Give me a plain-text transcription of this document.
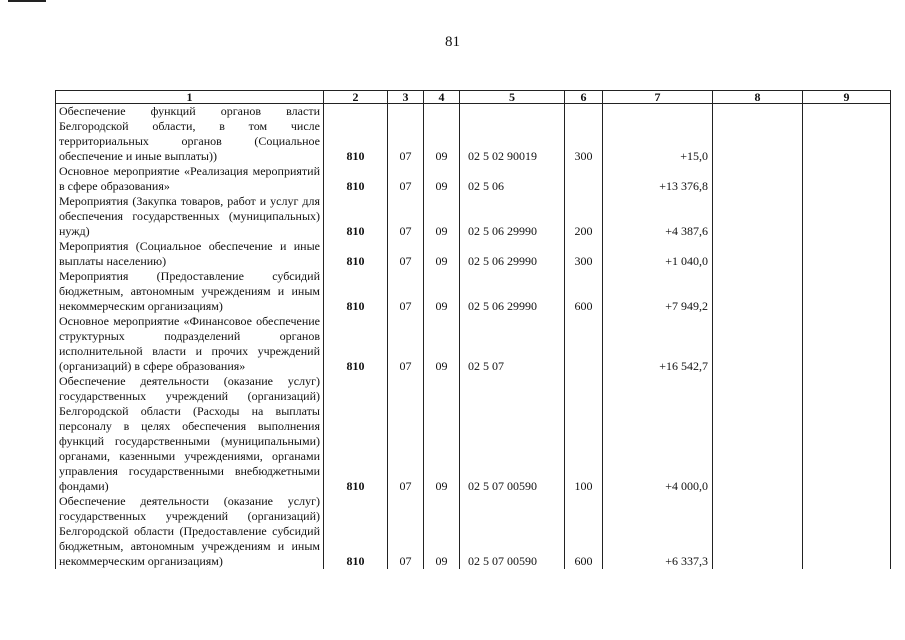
81
1	2	3	4	5	6	7	8	9
Обеспечение функций органов власти Белгородской области, в том числе территориальных органов (Социальное обеспечение и иные выплаты))	810	07	09	02 5 02 90019	300	+15,0		
Основное мероприятие «Реализация мероприятий в сфере образования»	810	07	09	02 5 06		+13 376,8		
Мероприятия (Закупка товаров, работ и услуг для обеспечения государственных (муниципальных) нужд)	810	07	09	02 5 06 29990	200	+4 387,6		
Мероприятия (Социальное обеспечение и иные выплаты населению)	810	07	09	02 5 06 29990	300	+1 040,0		
Мероприятия (Предоставление субсидий бюджетным, автономным учреждениям и иным некоммерческим организациям)	810	07	09	02 5 06 29990	600	+7 949,2		
Основное мероприятие «Финансовое обеспечение структурных подразделений органов исполнительной власти и прочих учреждений (организаций) в сфере образования»	810	07	09	02 5 07		+16 542,7		
Обеспечение деятельности (оказание услуг) государственных учреждений (организаций) Белгородской области (Расходы на выплаты персоналу в целях обеспечения выполнения функций государственными (муниципальными) органами, казенными учреждениями, органами управления государственными внебюджетными фондами)	810	07	09	02 5 07 00590	100	+4 000,0		
Обеспечение деятельности (оказание услуг) государственных учреждений (организаций) Белгородской области (Предоставление субсидий бюджетным, автономным учреждениям и иным некоммерческим организациям)	810	07	09	02 5 07 00590	600	+6 337,3		
